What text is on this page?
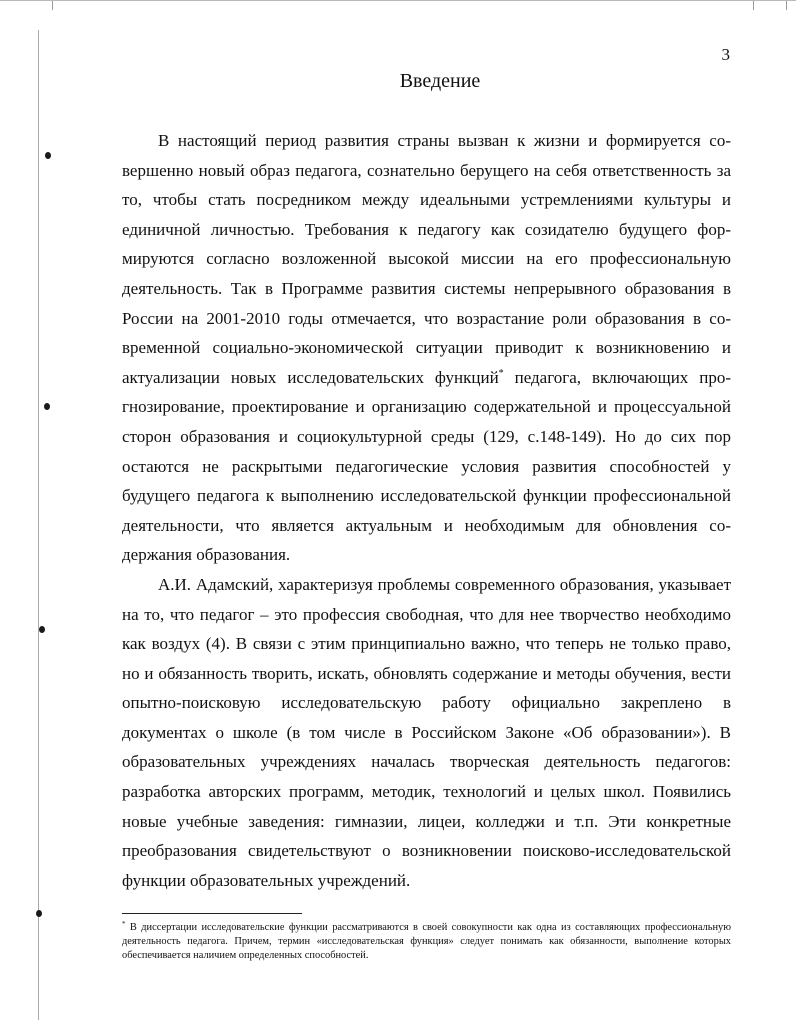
3
Введение

В настоящий период развития страны вызван к жизни и формируется совершенно новый образ педагога, сознательно берущего на себя ответственность за то, чтобы стать посредником между идеальными устремлениями культуры и единичной личностью. Требования к педагогу как созидателю будущего формируются согласно возложенной высокой миссии на его профессиональную деятельность. Так в Программе развития системы непрерывного образования в России на 2001-2010 годы отмечается, что возрастание роли образования в современной социально-экономической ситуации приводит к возникновению и актуализации новых исследовательских функций* педагога, включающих прогнозирование, проектирование и организацию содержательной и процессуальной сторон образования и социокультурной среды (129, с.148-149). Но до сих пор остаются не раскрытыми педагогические условия развития способностей у будущего педагога к выполнению исследовательской функции профессиональной деятельности, что является актуальным и необходимым для обновления содержания образования.

А.И. Адамский, характеризуя проблемы современного образования, указывает на то, что педагог – это профессия свободная, что для нее творчество необходимо как воздух (4). В связи с этим принципиально важно, что теперь не только право, но и обязанность творить, искать, обновлять содержание и методы обучения, вести опытно-поисковую исследовательскую работу официально закреплено в документах о школе (в том числе в Российском Законе «Об образовании»). В образовательных учреждениях началась творческая деятельность педагогов: разработка авторских программ, методик, технологий и целых школ. Появились новые учебные заведения: гимназии, лицеи, колледжи и т.п. Эти конкретные преобразования свидетельствуют о возникновении поисково-исследовательской функции образовательных учреждений.

* В диссертации исследовательские функции рассматриваются в своей совокупности как одна из составляющих профессиональную деятельность педагога. Причем, термин «исследовательская функция» следует понимать как обязанности, выполнение которых обеспечивается наличием определенных способностей.
